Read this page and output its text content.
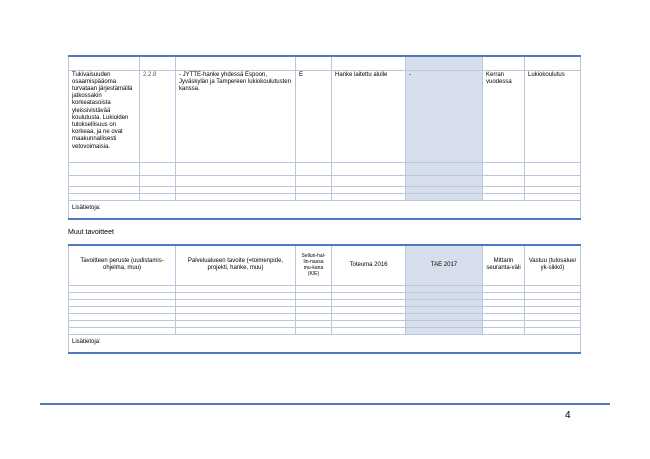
Tukivaisuuden osaamispääoma turvataan järjestämällä jatkossakin korkeatasoista yleissivistävää koulutusta. Lukioiden tuloksellisuus on korkeaa, ja ne ovat maakunnallisesti vetovoimaisia.	2.2.8	- JYTTE-hanke yhdessä Espoon, Jyväskylän ja Tampereen lukiokoulutusten kanssa.	E	Hanke laitettu alulle	-	Kerran vuodessa	Lukiokoulutus

Lisätietoja:							
Muut tavoitteet
Tavoitteen peruste (uudistamis-ohjelma, muu)	Palvelualueen tavoite (=toimenpide, projekti, hanke, muu)	Sellun-hal-lin-nassa mu-kana (K/E)	Toteuma 2016	TAE 2017	Mittarin seuranta-väli	Vastuu (tulosalue/ yk-sikkö)

Lisätietoja:						
4
